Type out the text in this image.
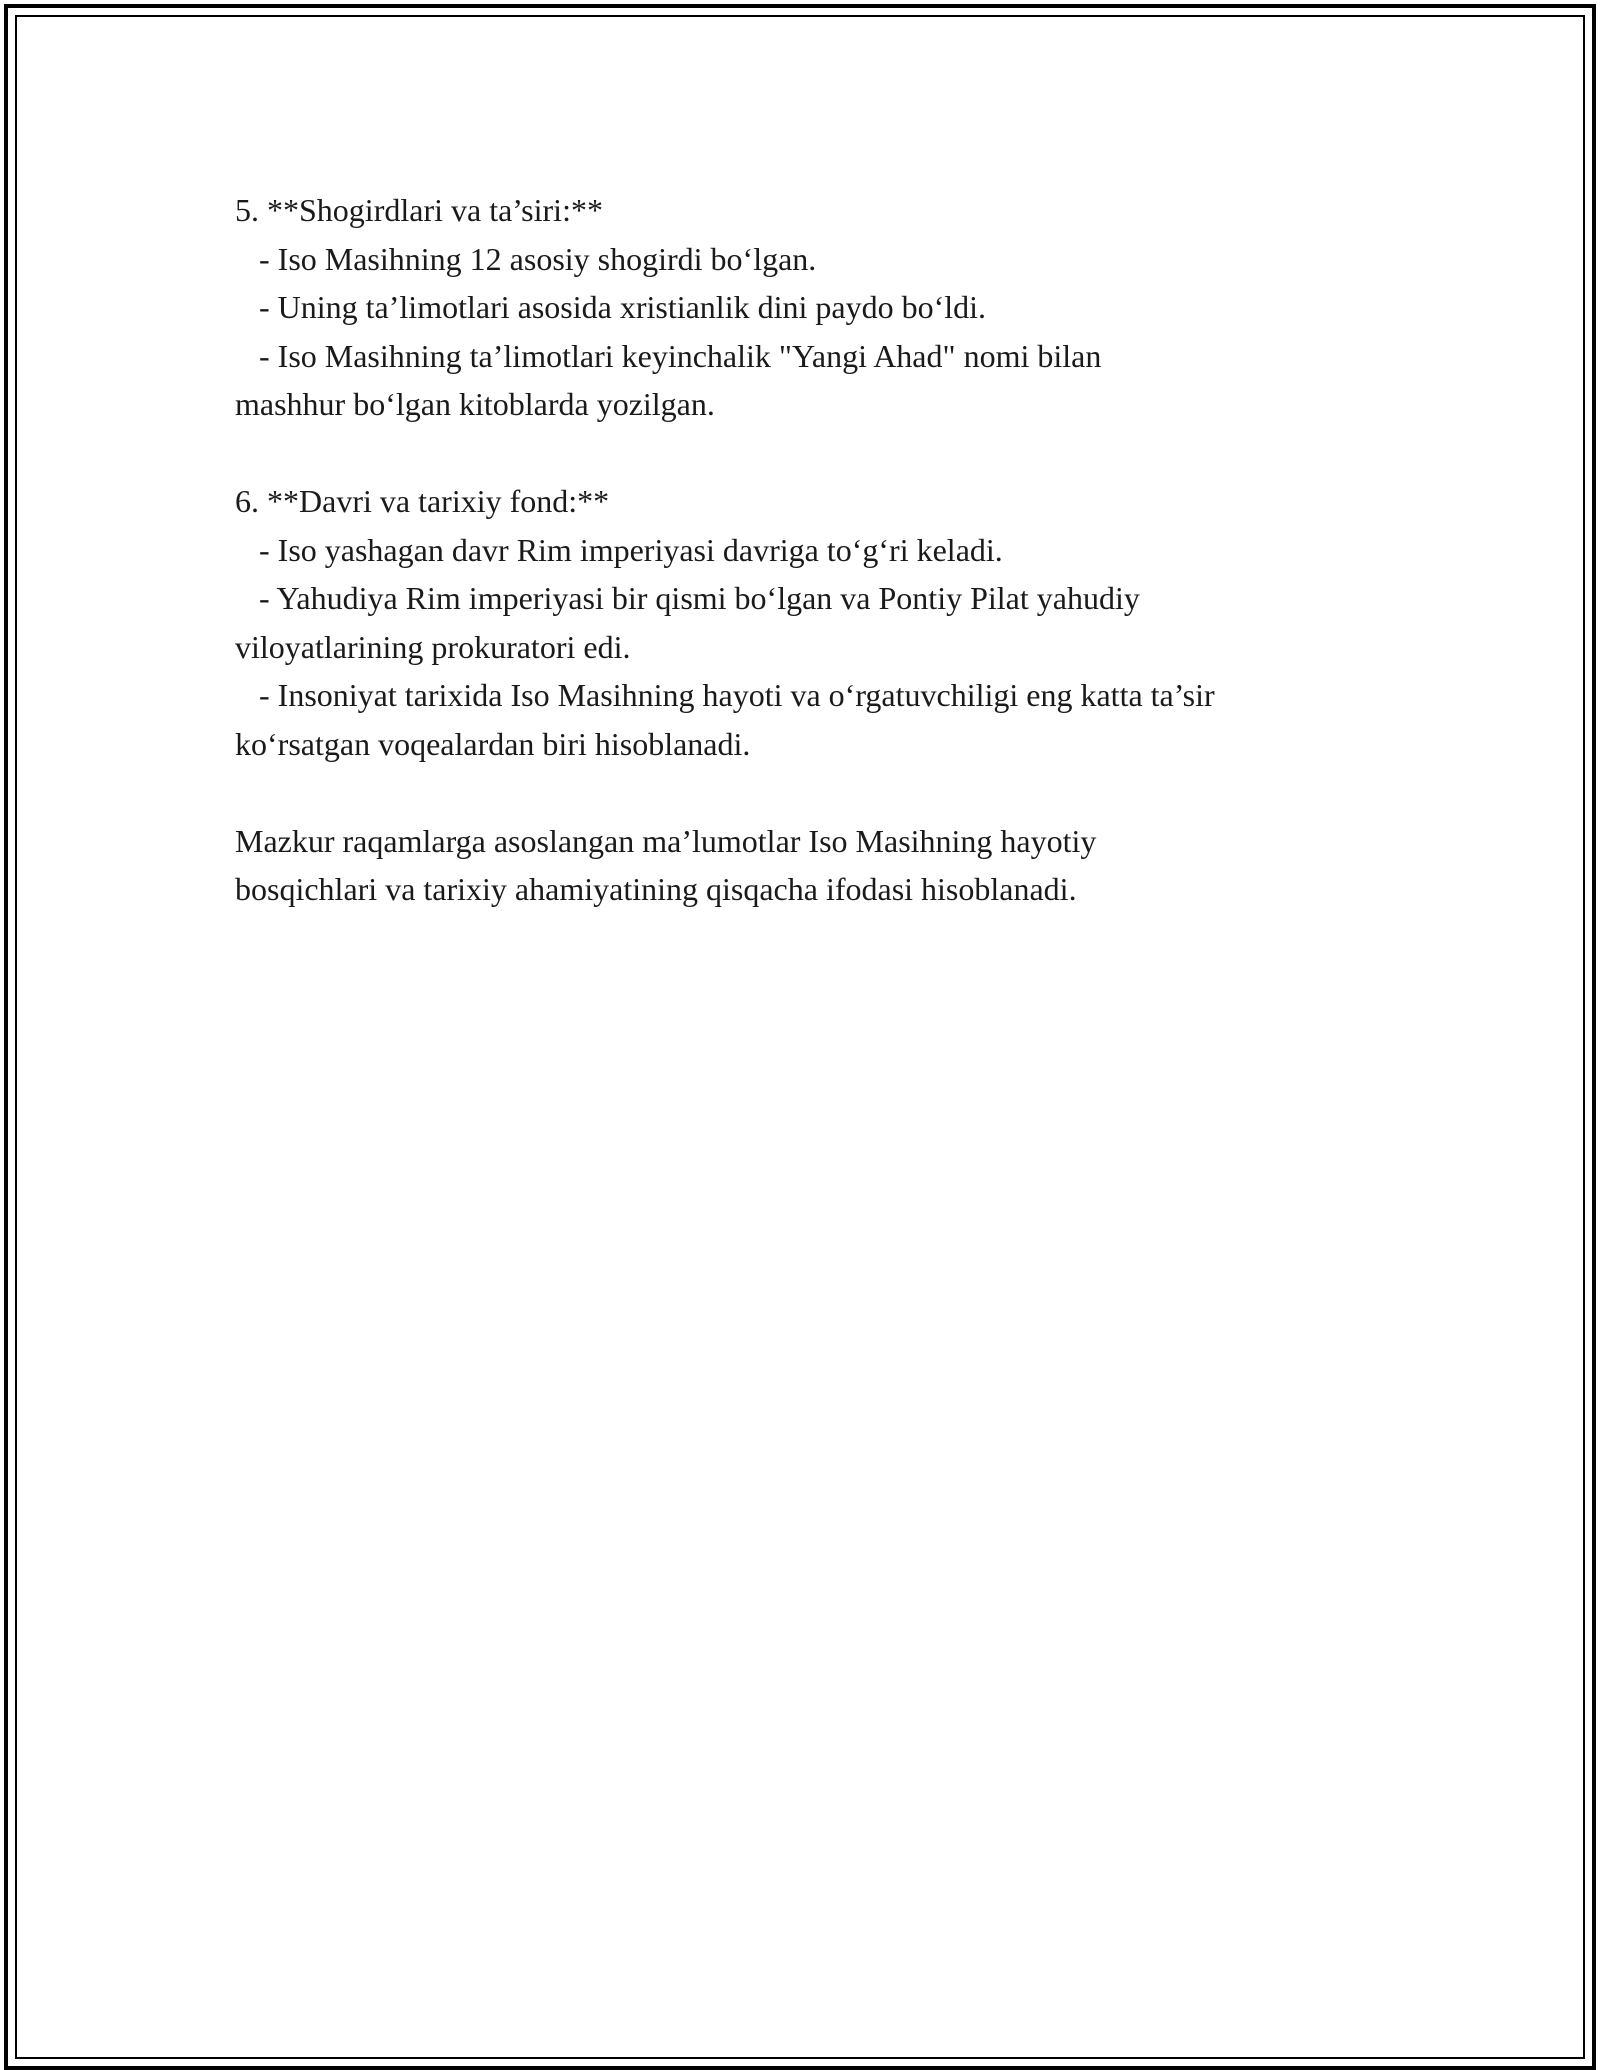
5. **Shogirdlari va ta’siri:**
- Iso Masihning 12 asosiy shogirdi bo‘lgan.
- Uning ta’limotlari asosida xristianlik dini paydo bo‘ldi.
- Iso Masihning ta’limotlari keyinchalik "Yangi Ahad" nomi bilan
mashhur bo‘lgan kitoblarda yozilgan.
6. **Davri va tarixiy fond:**
- Iso yashagan davr Rim imperiyasi davriga to‘g‘ri keladi.
- Yahudiya Rim imperiyasi bir qismi bo‘lgan va Pontiy Pilat yahudiy
viloyatlarining prokuratori edi.
- Insoniyat tarixida Iso Masihning hayoti va o‘rgatuvchiligi eng katta ta’sir
ko‘rsatgan voqealardan biri hisoblanadi.
Mazkur raqamlarga asoslangan ma’lumotlar Iso Masihning hayotiy
bosqichlari va tarixiy ahamiyatining qisqacha ifodasi hisoblanadi.
